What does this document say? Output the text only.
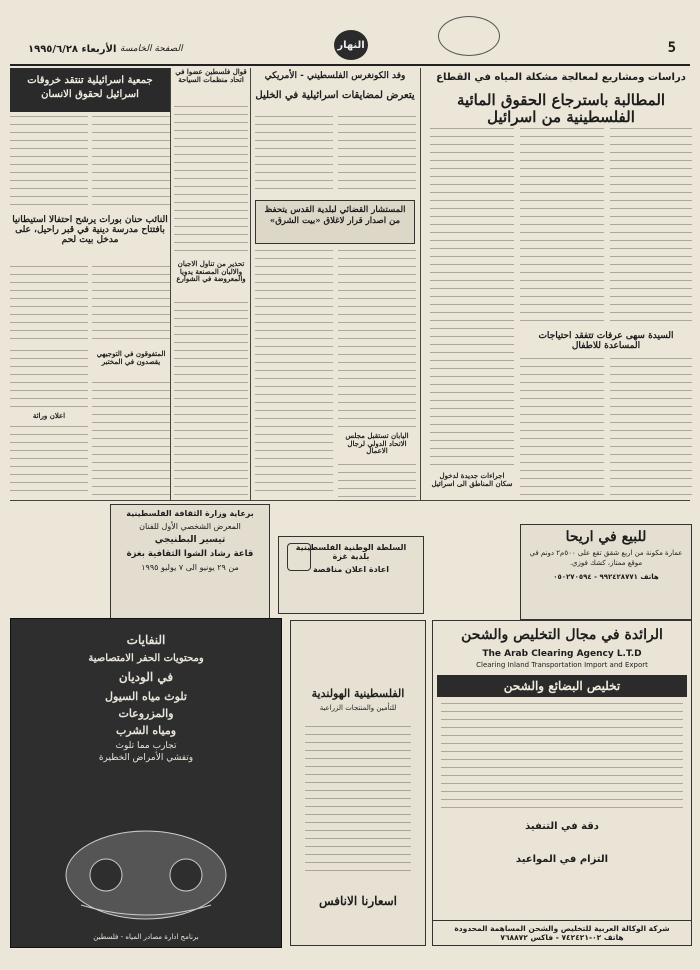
الأربعاء ١٩٩٥/٦/٢٨ الصفحة الخامسة	النهار	5
دراسات ومشاريع لمعالجة مشكلة المياه في القطاع
المطالبة باسترجاع الحقوق المائية الفلسطينية من اسرائيل
السيدة سهى عرفات تتفقد احتياجات المساعدة للاطفال
اجراءات جديدة لدخول سكان المناطق الى اسرائيل
وفد الكونغرس الفلسطيني - الأمريكي
يتعرض لمضايقات اسرائيلية في الخليل
المستشار القضائي لبلدية القدس يتحفظ من اصدار قرار لاغلاق «بيت الشرق»
اليابان تستقبل مجلس الاتحاد الدولي لرجال الاعمال
جمعية اسرائيلية تنتقد خروقات اسرائيل لحقوق الانسان
قوال فلسطين عضوا في اتحاد منظمات السياحة
تحذير من تناول الاجبان والالبان المصنعة يدويا والمعروضة في الشوارع
النائب حنان بورات يرشح احتفالا استيطانيا بافتتاح مدرسة دينية في قبر راحيل، على مدخل بيت لحم
المتفوقون في التوجيهي يقصدون في المختبر
اعلان وراثة
برعاية وزارة الثقافة الفلسطينية
المعرض الشخصي الأول للفنان
تيسير البطنيجي
قاعة رشاد الشوا الثقافية بغزة
من ٢٩ يونيو الى ٧ يوليو ١٩٩٥
للبيع في اريحا
عمارة مكونة من اربع شقق تقع على ٥٠٠م٢ دونم في موقع ممتاز، كشك فوزي.
هاتف ٩٩٢٤٢٨٧٧١ - ٠٥٠٢٧٠٥٩٤
السلطة الوطنية الفلسطينية
بلدية غزة
اعادة اعلان مناقصة
الفلسطينية الهولندية
للتأمين والمنتجات الزراعية
اسعارنا الانافس
الرائدة في مجال التخليص والشحن
The Arab Clearing Agency L.T.D
Clearing Inland Transportation Import and Export
تخليص البضائع والشحن
دقة في التنفيذ
التزام في المواعيد
شركة الوكالة العربية للتخليص والشحن المساهمة المحدودة
هاتف ٠٢-٧٤٢٤٢١ - فاكس ٧٦٨٨٧٢
النفايات
ومحتويات الحفر الامتصاصية
في الوديان
تلوث مياه السيول
والمزروعات
ومياه الشرب
تجارب مما تلوث
وتفشي الأمراض الخطيرة
برنامج ادارة مصادر المياه - فلسطين
